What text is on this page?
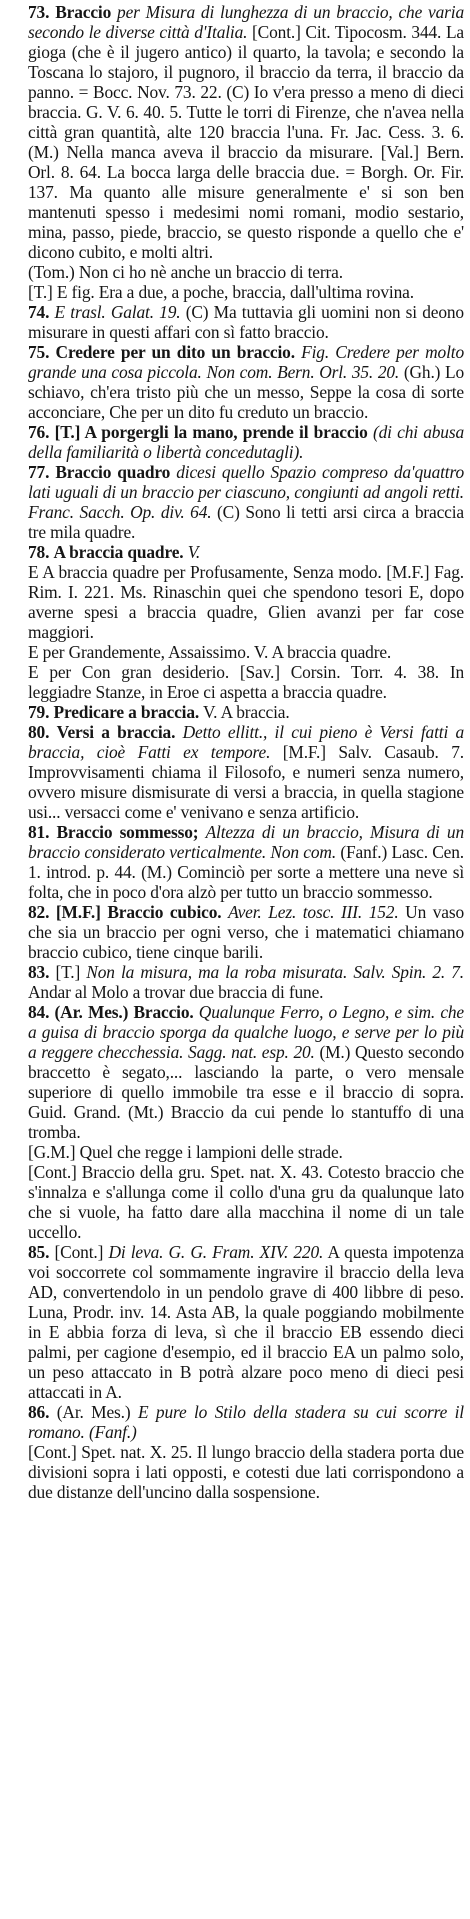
73. Braccio per Misura di lunghezza di un braccio, che varia secondo le diverse città d'Italia. [Cont.] Cit. Tipocosm. 344. La gioga (che è il jugero antico) il quarto, la tavola; e secondo la Toscana lo stajoro, il pugnoro, il braccio da terra, il braccio da panno. = Bocc. Nov. 73. 22. (C) Io v'era presso a meno di dieci braccia. G. V. 6. 40. 5. Tutte le torri di Firenze, che n'avea nella città gran quantità, alte 120 braccia l'una. Fr. Jac. Cess. 3. 6. (M.) Nella manca aveva il braccio da misurare. [Val.] Bern. Orl. 8. 64. La bocca larga delle braccia due. = Borgh. Or. Fir. 137. Ma quanto alle misure generalmente e' si son ben mantenuti spesso i medesimi nomi romani, modio sestario, mina, passo, piede, braccio, se questo risponde a quello che e' dicono cubito, e molti altri.

(Tom.) Non ci ho nè anche un braccio di terra.

[T.] E fig. Era a due, a poche, braccia, dall'ultima rovina.

74. E trasl. Galat. 19. (C) Ma tuttavia gli uomini non si deono misurare in questi affari con sì fatto braccio.

75. Credere per un dito un braccio. Fig. Credere per molto grande una cosa piccola. Non com. Bern. Orl. 35. 20. (Gh.) Lo schiavo, ch'era tristo più che un messo, Seppe la cosa di sorte acconciare, Che per un dito fu creduto un braccio.

76. [T.] A porgergli la mano, prende il braccio (di chi abusa della familiarità o libertà concedutagli).

77. Braccio quadro dicesi quello Spazio compreso da'quattro lati uguali di un braccio per ciascuno, congiunti ad angoli retti. Franc. Sacch. Op. div. 64. (C) Sono li tetti arsi circa a braccia tre mila quadre.

78. A braccia quadre. V.

E A braccia quadre per Profusamente, Senza modo. [M.F.] Fag. Rim. I. 221. Ms. Rinaschin quei che spendono tesori E, dopo averne spesi a braccia quadre, Glien avanzi per far cose maggiori.

E per Grandemente, Assaissimo. V. A braccia quadre.

E per Con gran desiderio. [Sav.] Corsin. Torr. 4. 38. In leggiadre Stanze, in Eroe ci aspetta a braccia quadre.

79. Predicare a braccia. V. A braccia.

80. Versi a braccia. Detto ellitt., il cui pieno è Versi fatti a braccia, cioè Fatti ex tempore. [M.F.] Salv. Casaub. 7. Improvvisamenti chiama il Filosofo, e numeri senza numero, ovvero misure dismisurate di versi a braccia, in quella stagione usi... versacci come e' venivano e senza artificio.

81. Braccio sommesso; Altezza di un braccio, Misura di un braccio considerato verticalmente. Non com. (Fanf.) Lasc. Cen. 1. introd. p. 44. (M.) Cominciò per sorte a mettere una neve sì folta, che in poco d'ora alzò per tutto un braccio sommesso.

82. [M.F.] Braccio cubico. Aver. Lez. tosc. III. 152. Un vaso che sia un braccio per ogni verso, che i matematici chiamano braccio cubico, tiene cinque barili.

83. [T.] Non la misura, ma la roba misurata. Salv. Spin. 2. 7. Andar al Molo a trovar due braccia di fune.

84. (Ar. Mes.) Braccio. Qualunque Ferro, o Legno, e sim. che a guisa di braccio sporga da qualche luogo, e serve per lo più a reggere checchessia. Sagg. nat. esp. 20. (M.) Questo secondo braccetto è segato,... lasciando la parte, o vero mensale superiore di quello immobile tra esse e il braccio di sopra. Guid. Grand. (Mt.) Braccio da cui pende lo stantuffo di una tromba.

[G.M.] Quel che regge i lampioni delle strade.

[Cont.] Braccio della gru. Spet. nat. X. 43. Cotesto braccio che s'innalza e s'allunga come il collo d'una gru da qualunque lato che si vuole, ha fatto dare alla macchina il nome di un tale uccello.

85. [Cont.] Di leva. G. G. Fram. XIV. 220. A questa impotenza voi soccorrete col sommamente ingravire il braccio della leva AD, convertendolo in un pendolo grave di 400 libbre di peso. Luna, Prodr. inv. 14. Asta AB, la quale poggiando mobilmente in E abbia forza di leva, sì che il braccio EB essendo dieci palmi, per cagione d'esempio, ed il braccio EA un palmo solo, un peso attaccato in B potrà alzare poco meno di dieci pesi attaccati in A.

86. (Ar. Mes.) E pure lo Stilo della stadera su cui scorre il romano. (Fanf.)

[Cont.] Spet. nat. X. 25. Il lungo braccio della stadera porta due divisioni sopra i lati opposti, e cotesti due lati corrispondono a due distanze dell'uncino dalla sospensione.
